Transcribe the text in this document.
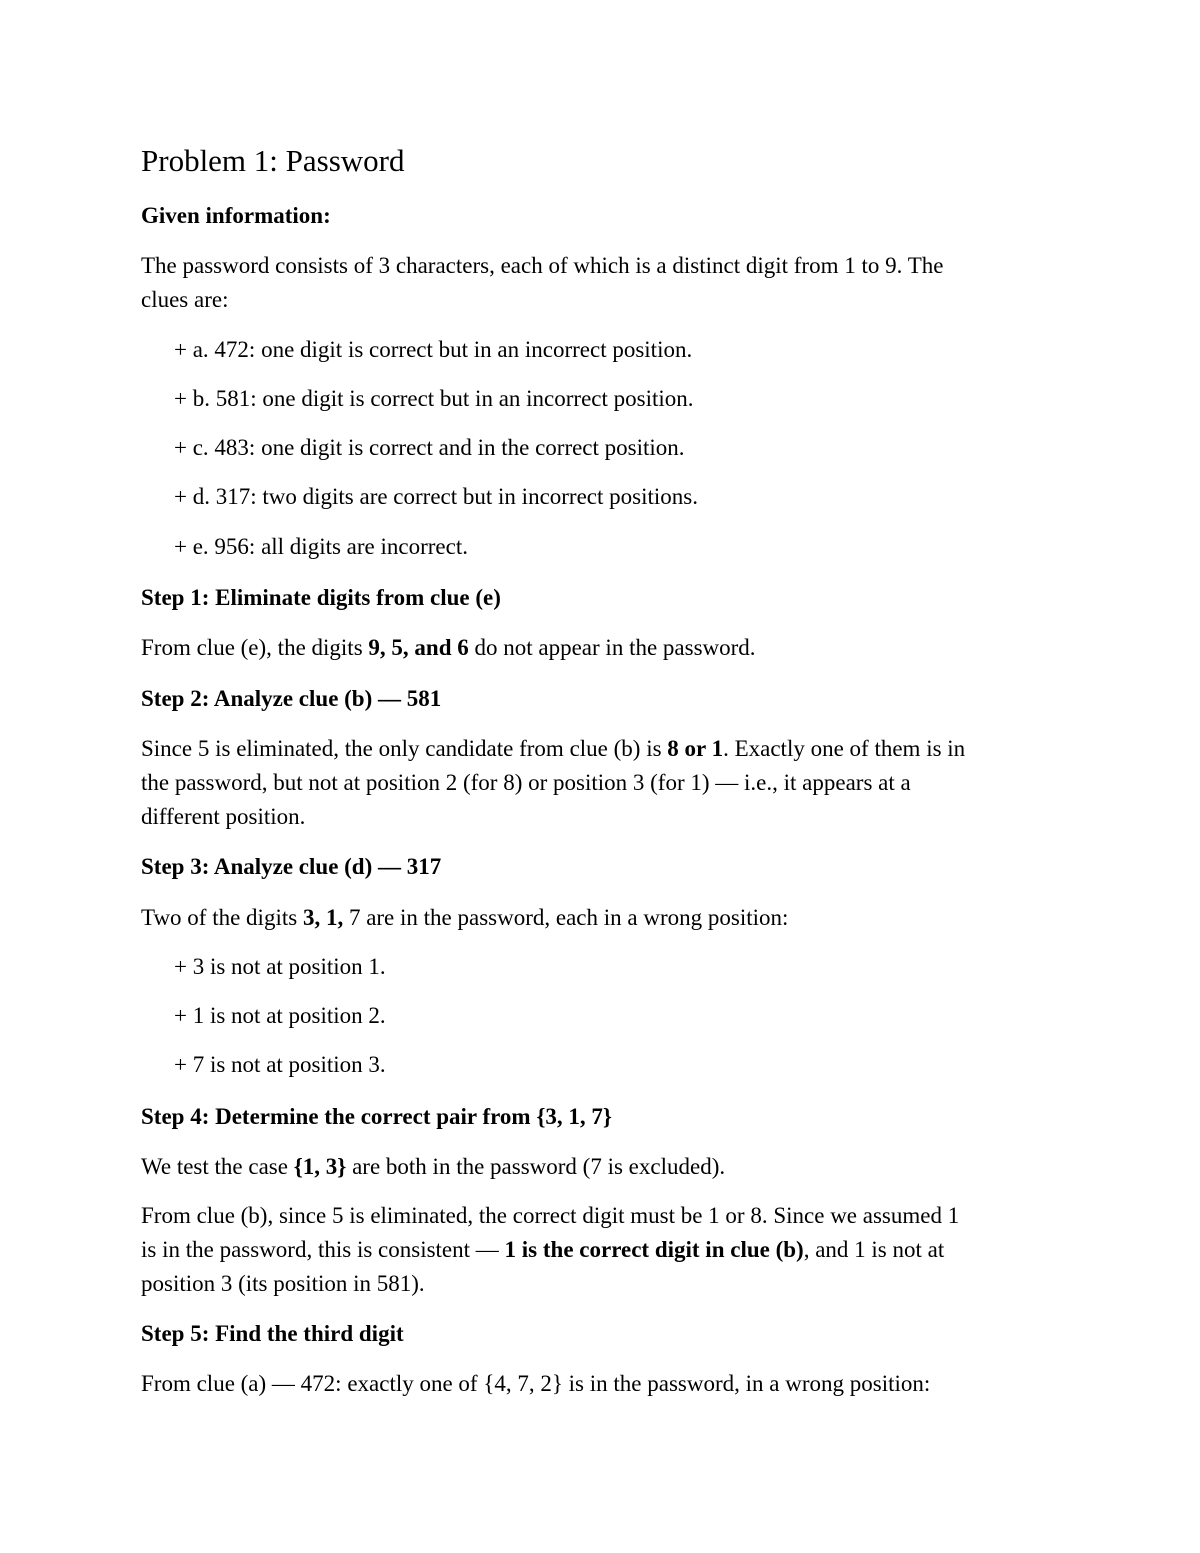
Problem 1: Password

Given information:

The password consists of 3 characters, each of which is a distinct digit from 1 to 9. The

clues are:

+ a. 472: one digit is correct but in an incorrect position.

+ b. 581: one digit is correct but in an incorrect position.

+ c. 483: one digit is correct and in the correct position.

+ d. 317: two digits are correct but in incorrect positions.

+ e. 956: all digits are incorrect.

Step 1: Eliminate digits from clue (e)

From clue (e), the digits 9, 5, and 6 do not appear in the password.

Step 2: Analyze clue (b) — 581

Since 5 is eliminated, the only candidate from clue (b) is 8 or 1. Exactly one of them is in

the password, but not at position 2 (for 8) or position 3 (for 1) — i.e., it appears at a

different position.

Step 3: Analyze clue (d) — 317

Two of the digits 3, 1, 7 are in the password, each in a wrong position:

+ 3 is not at position 1.

+ 1 is not at position 2.

+ 7 is not at position 3.

Step 4: Determine the correct pair from {3, 1, 7}

We test the case {1, 3} are both in the password (7 is excluded).

From clue (b), since 5 is eliminated, the correct digit must be 1 or 8. Since we assumed 1

is in the password, this is consistent — 1 is the correct digit in clue (b), and 1 is not at

position 3 (its position in 581).

Step 5: Find the third digit

From clue (a) — 472: exactly one of {4, 7, 2} is in the password, in a wrong position:
